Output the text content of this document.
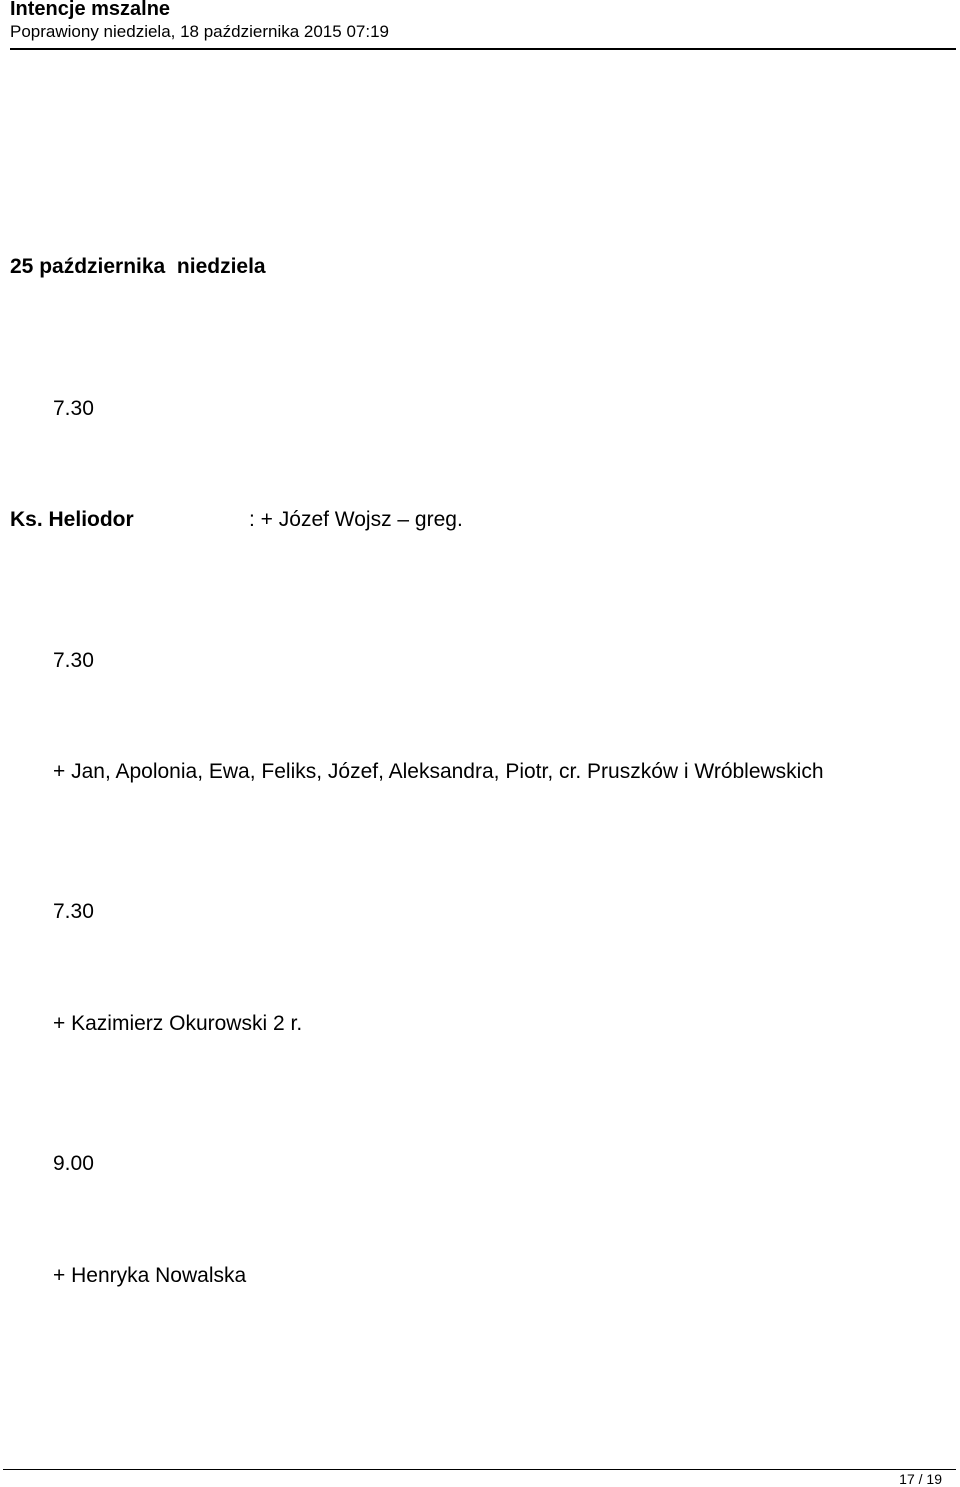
Intencje mszalne
Poprawiony niedziela, 18 października 2015 07:19
25 października  niedziela
7.30
Ks. Heliodor	: + Józef Wojsz – greg.
7.30
+ Jan, Apolonia, Ewa, Feliks, Józef, Aleksandra, Piotr, cr. Pruszków i Wróblewskich
7.30
+ Kazimierz Okurowski 2 r.
9.00
+ Henryka Nowalska
17 / 19
